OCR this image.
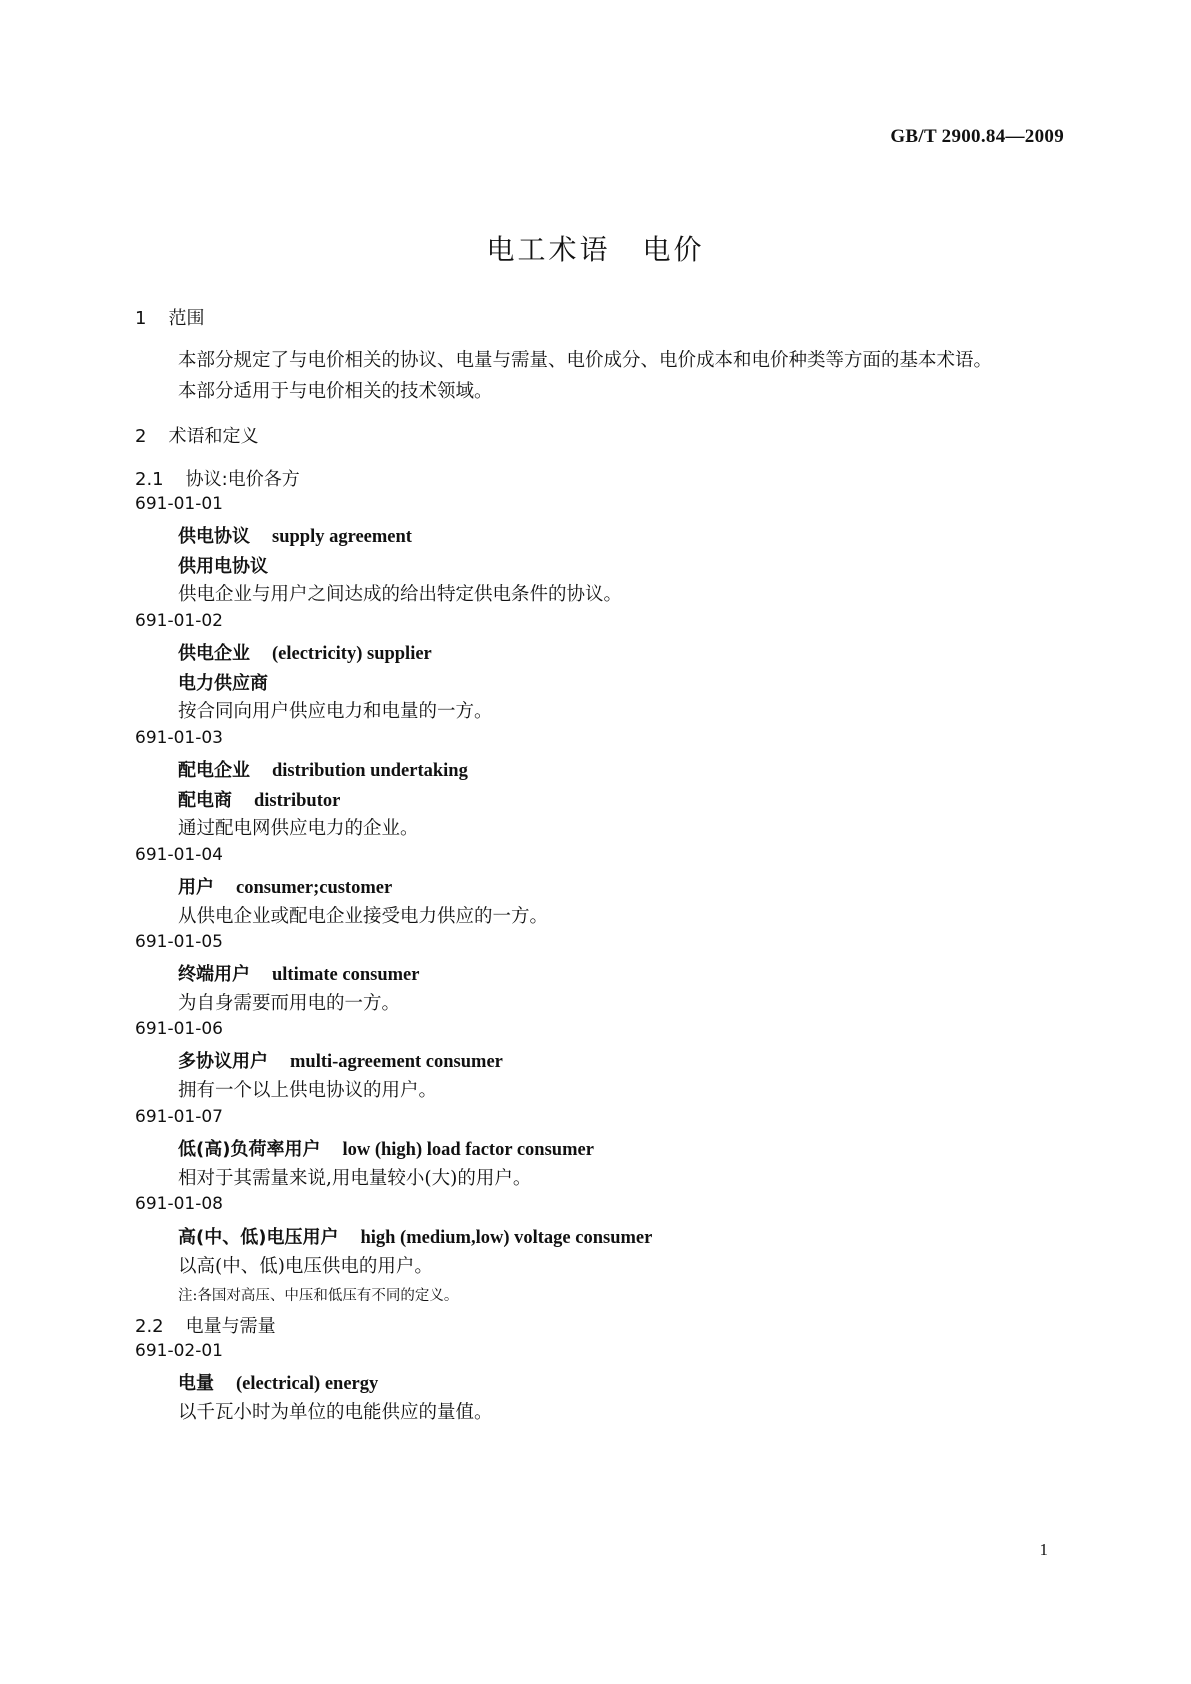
GB/T 2900.84—2009
电工术语 电价
1 范围
本部分规定了与电价相关的协议、电量与需量、电价成分、电价成本和电价种类等方面的基本术语。
本部分适用于与电价相关的技术领域。
2 术语和定义
2.1 协议:电价各方
691-01-01
供电协议 supply agreement
供用电协议
供电企业与用户之间达成的给出特定供电条件的协议。
691-01-02
供电企业 (electricity) supplier
电力供应商
按合同向用户供应电力和电量的一方。
691-01-03
配电企业 distribution undertaking
配电商 distributor
通过配电网供应电力的企业。
691-01-04
用户 consumer;customer
从供电企业或配电企业接受电力供应的一方。
691-01-05
终端用户 ultimate consumer
为自身需要而用电的一方。
691-01-06
多协议用户 multi-agreement consumer
拥有一个以上供电协议的用户。
691-01-07
低(高)负荷率用户 low (high) load factor consumer
相对于其需量来说,用电量较小(大)的用户。
691-01-08
高(中、低)电压用户 high (medium,low) voltage consumer
以高(中、低)电压供电的用户。
注:各国对高压、中压和低压有不同的定义。
2.2 电量与需量
691-02-01
电量 (electrical) energy
以千瓦小时为单位的电能供应的量值。
1
